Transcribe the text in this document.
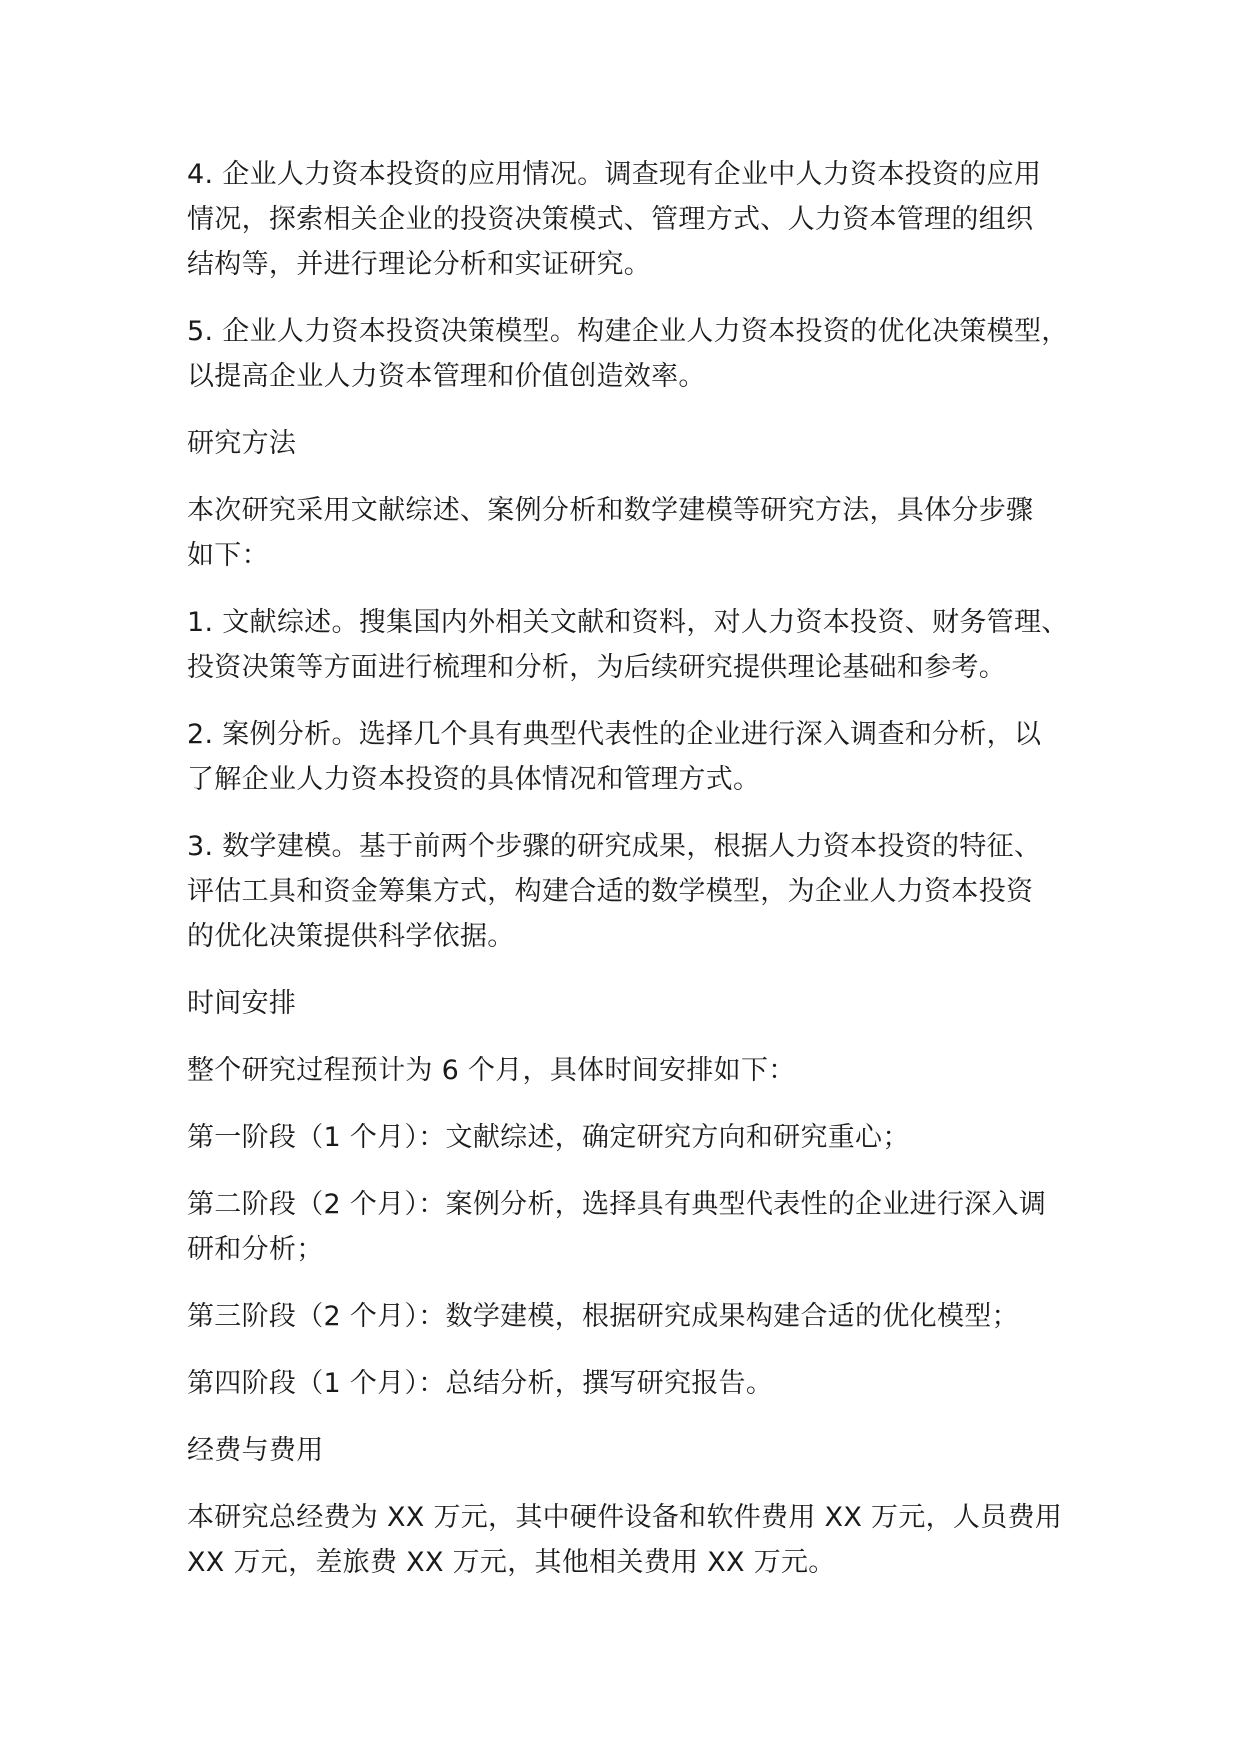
4. 企业人力资本投资的应用情况。调查现有企业中人力资本投资的应用
情况，探索相关企业的投资决策模式、管理方式、人力资本管理的组织
结构等，并进行理论分析和实证研究。

5. 企业人力资本投资决策模型。构建企业人力资本投资的优化决策模型，
以提高企业人力资本管理和价值创造效率。

研究方法

本次研究采用文献综述、案例分析和数学建模等研究方法，具体分步骤
如下：

1. 文献综述。搜集国内外相关文献和资料，对人力资本投资、财务管理、
投资决策等方面进行梳理和分析，为后续研究提供理论基础和参考。

2. 案例分析。选择几个具有典型代表性的企业进行深入调查和分析，以
了解企业人力资本投资的具体情况和管理方式。

3. 数学建模。基于前两个步骤的研究成果，根据人力资本投资的特征、
评估工具和资金筹集方式，构建合适的数学模型，为企业人力资本投资
的优化决策提供科学依据。

时间安排

整个研究过程预计为 6 个月，具体时间安排如下：

第一阶段（1 个月）：文献综述，确定研究方向和研究重心；

第二阶段（2 个月）：案例分析，选择具有典型代表性的企业进行深入调
研和分析；

第三阶段（2 个月）：数学建模，根据研究成果构建合适的优化模型；

第四阶段（1 个月）：总结分析，撰写研究报告。

经费与费用

本研究总经费为 XX 万元，其中硬件设备和软件费用 XX 万元，人员费用
XX 万元，差旅费 XX 万元，其他相关费用 XX 万元。
